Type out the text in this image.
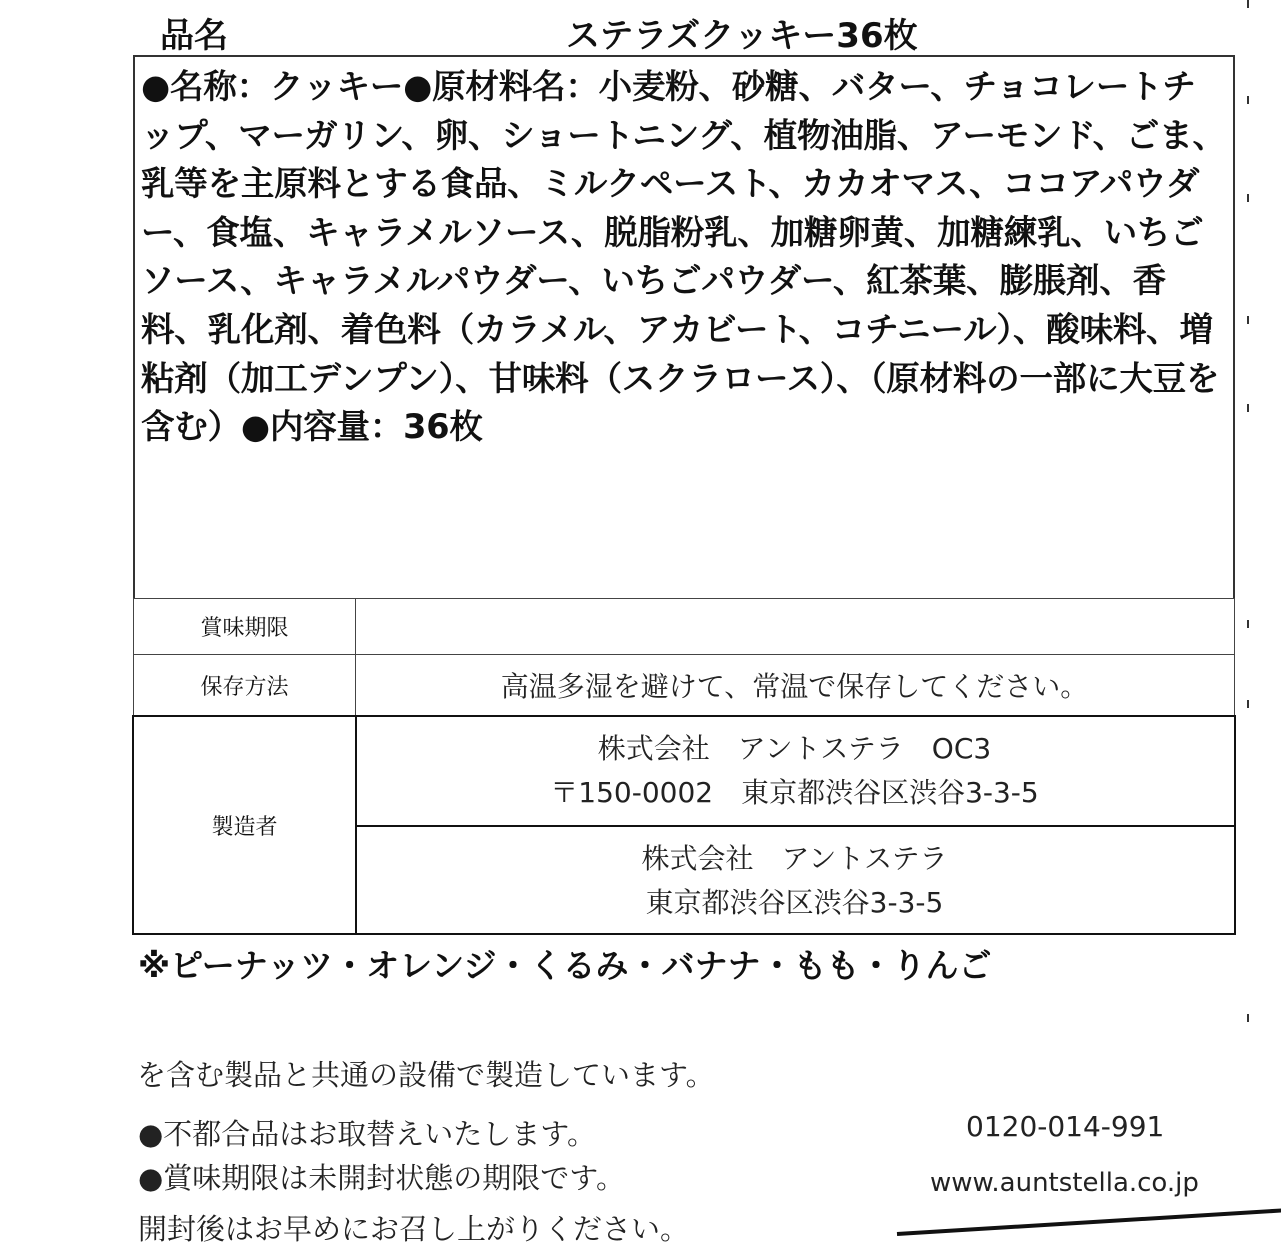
品名	ステラズクッキー36枚
●名称：クッキー●原材料名：小麦粉、砂糖、バター、チョコレートチップ、マーガリン、卵、ショートニング、植物油脂、アーモンド、ごま、乳等を主原料とする食品、ミルクペースト、カカオマス、ココアパウダー、食塩、キャラメルソース、脱脂粉乳、加糖卵黄、加糖練乳、いちごソース、キャラメルパウダー、いちごパウダー、紅茶葉、膨脹剤、香料、乳化剤、着色料（カラメル、アカビート、コチニール）、酸味料、増粘剤（加工デンプン）、甘味料（スクラロース）、（原材料の一部に大豆を含む）●内容量：36枚
賞味期限
保存方法	高温多湿を避けて、常温で保存してください。
製造者
株式会社　アントステラ　OC3
〒150-0002　東京都渋谷区渋谷3-3-5
株式会社　アントステラ
東京都渋谷区渋谷3-3-5
※ピーナッツ・オレンジ・くるみ・バナナ・もも・りんご
を含む製品と共通の設備で製造しています。
●不都合品はお取替えいたします。
●賞味期限は未開封状態の期限です。
開封後はお早めにお召し上がりください。
0120-014-991
www.auntstella.co.jp
